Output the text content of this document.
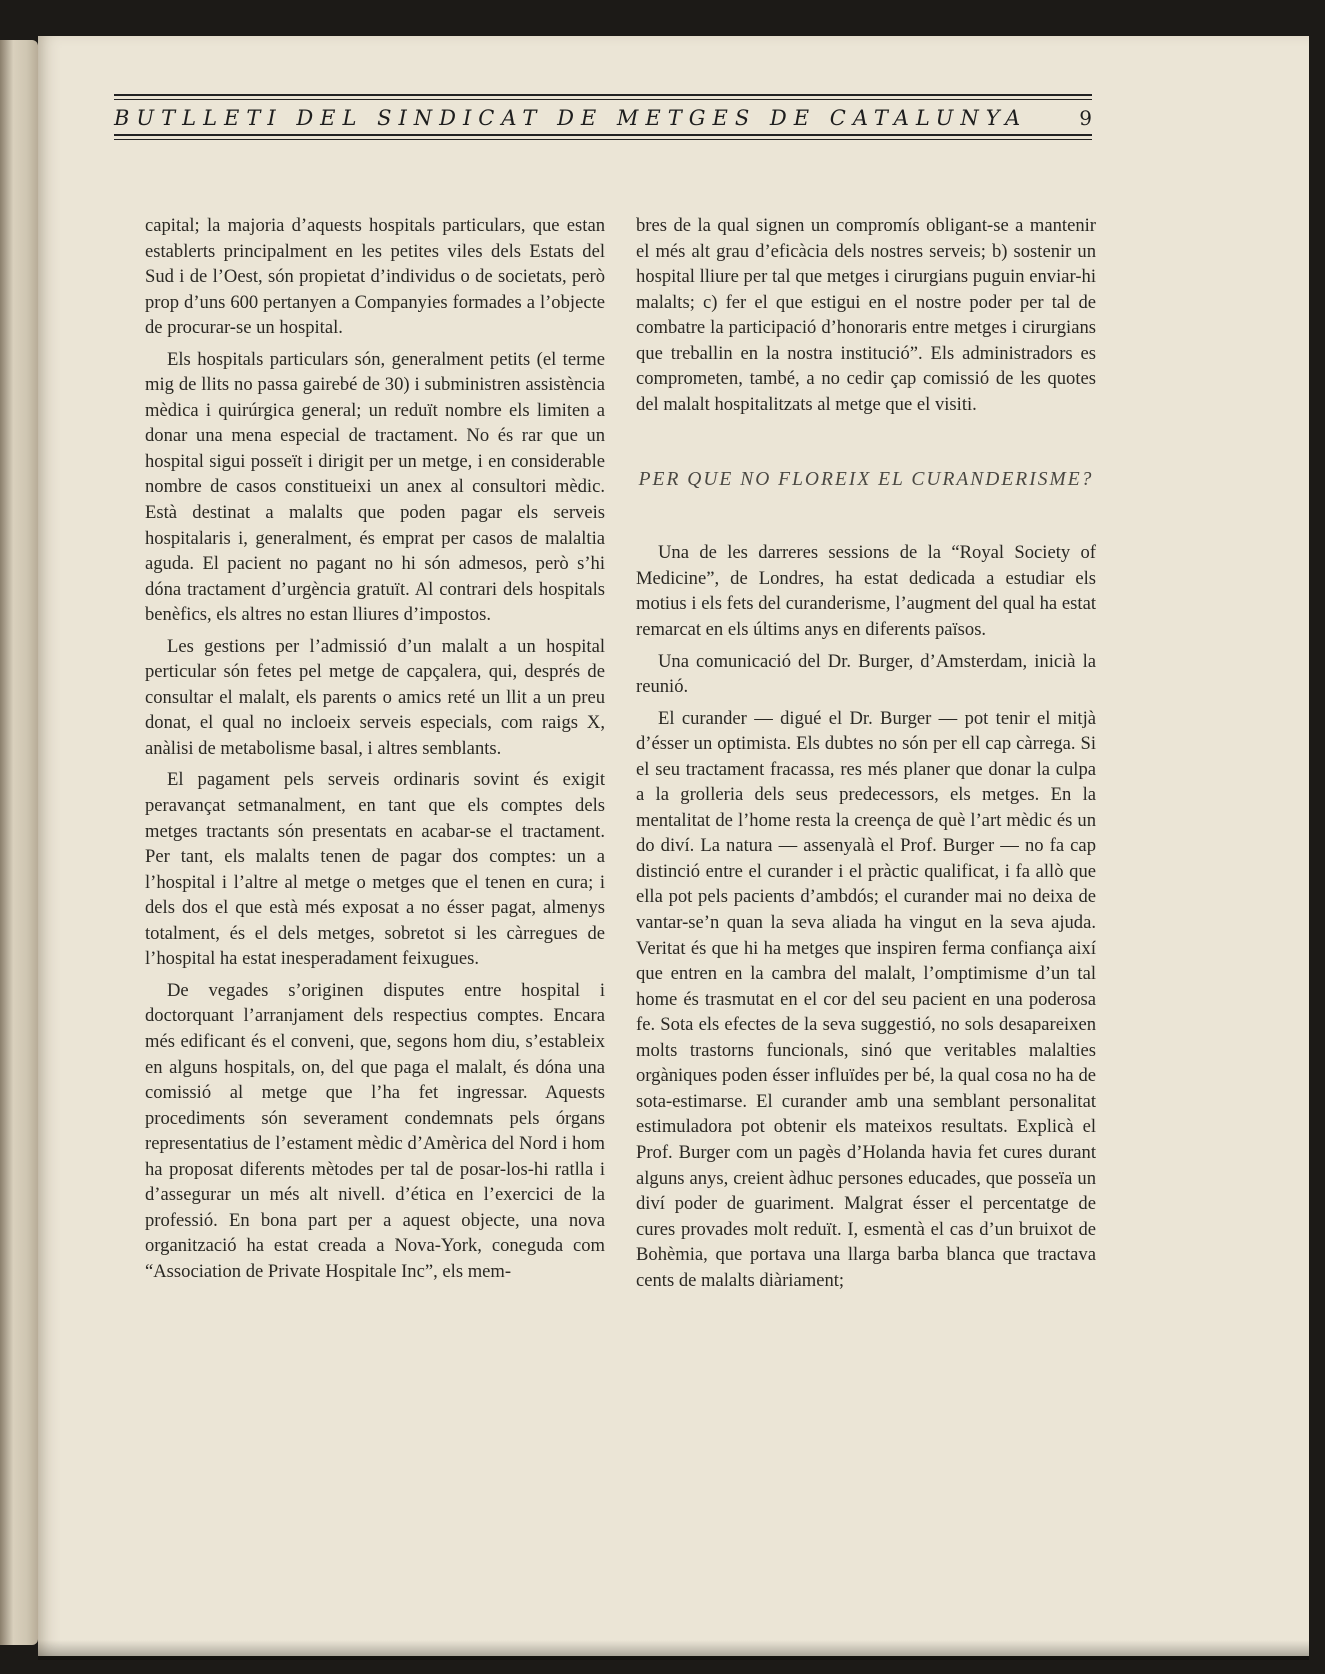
BUTLLETI DEL SINDICAT DE METGES DE CATALUNYA	9

capital; la majoria d’aquests hospitals particulars, que estan establerts principalment en les petites viles dels Estats del Sud i de l’Oest, són propietat d’individus o de societats, però prop d’uns 600 pertanyen a Companyies formades a l’objecte de procurar-se un hospital.

Els hospitals particulars són, generalment petits (el terme mig de llits no passa gairebé de 30) i subministren assistència mèdica i quirúrgica general; un reduït nombre els limiten a donar una mena especial de tractament. No és rar que un hospital sigui posseït i dirigit per un metge, i en considerable nombre de casos constitueixi un anex al consultori mèdic. Està destinat a malalts que poden pagar els serveis hospitalaris i, generalment, és emprat per casos de malaltia aguda. El pacient no pagant no hi són admesos, però s’hi dóna tractament d’urgència gratuït. Al contrari dels hospitals benèfics, els altres no estan lliures d’impostos.

Les gestions per l’admissió d’un malalt a un hospital perticular són fetes pel metge de capçalera, qui, després de consultar el malalt, els parents o amics reté un llit a un preu donat, el qual no incloeix serveis especials, com raigs X, anàlisi de metabolisme basal, i altres semblants.

El pagament pels serveis ordinaris sovint és exigit peravançat setmanalment, en tant que els comptes dels metges tractants són presentats en acabar-se el tractament. Per tant, els malalts tenen de pagar dos comptes: un a l’hospital i l’altre al metge o metges que el tenen en cura; i dels dos el que està més exposat a no ésser pagat, almenys totalment, és el dels metges, sobretot si les càrregues de l’hospital ha estat inesperadament feixugues.

De vegades s’originen disputes entre hospital i doctorquant l’arranjament dels respectius comptes. Encara més edificant és el conveni, que, segons hom diu, s’estableix en alguns hospitals, on, del que paga el malalt, és dóna una comissió al metge que l’ha fet ingressar. Aquests procediments són severament condemnats pels órgans representatius de l’estament mèdic d’Amèrica del Nord i hom ha proposat diferents mètodes per tal de posar-los-hi ratlla i d’assegurar un més alt nivell. d’ética en l’exercici de la professió. En bona part per a aquest objecte, una nova organització ha estat creada a Nova-York, coneguda com “Association de Private Hospitale Inc”, els mem-

bres de la qual signen un compromís obligant-se a mantenir el més alt grau d’eficàcia dels nostres serveis; b) sostenir un hospital lliure per tal que metges i cirurgians puguin enviar-hi malalts; c) fer el que estigui en el nostre poder per tal de combatre la participació d’honoraris entre metges i cirurgians que treballin en la nostra institució”. Els administradors es comprometen, també, a no cedir çap comissió de les quotes del malalt hospitalitzats al metge que el visiti.

PER QUE NO FLOREIX EL CURANDERISME?

Una de les darreres sessions de la “Royal Society of Medicine”, de Londres, ha estat dedicada a estudiar els motius i els fets del curanderisme, l’augment del qual ha estat remarcat en els últims anys en diferents països.

Una comunicació del Dr. Burger, d’Amsterdam, inicià la reunió.

El curander — digué el Dr. Burger — pot tenir el mitjà d’ésser un optimista. Els dubtes no són per ell cap càrrega. Si el seu tractament fracassa, res més planer que donar la culpa a la grolleria dels seus predecessors, els metges. En la mentalitat de l’home resta la creença de què l’art mèdic és un do diví. La natura — assenyalà el Prof. Burger — no fa cap distinció entre el curander i el pràctic qualificat, i fa allò que ella pot pels pacients d’ambdós; el curander mai no deixa de vantar-se’n quan la seva aliada ha vingut en la seva ajuda. Veritat és que hi ha metges que inspiren ferma confiança així que entren en la cambra del malalt, l’omptimisme d’un tal home és trasmutat en el cor del seu pacient en una poderosa fe. Sota els efectes de la seva suggestió, no sols desapareixen molts trastorns funcionals, sinó que veritables malalties orgàniques poden ésser influïdes per bé, la qual cosa no ha de sota-estimarse. El curander amb una semblant personalitat estimuladora pot obtenir els mateixos resultats. Explicà el Prof. Burger com un pagès d’Holanda havia fet cures durant alguns anys, creient àdhuc persones educades, que posseïa un diví poder de guariment. Malgrat ésser el percentatge de cures provades molt reduït. I, esmentà el cas d’un bruixot de Bohèmia, que portava una llarga barba blanca que tractava cents de malalts diàriament;
